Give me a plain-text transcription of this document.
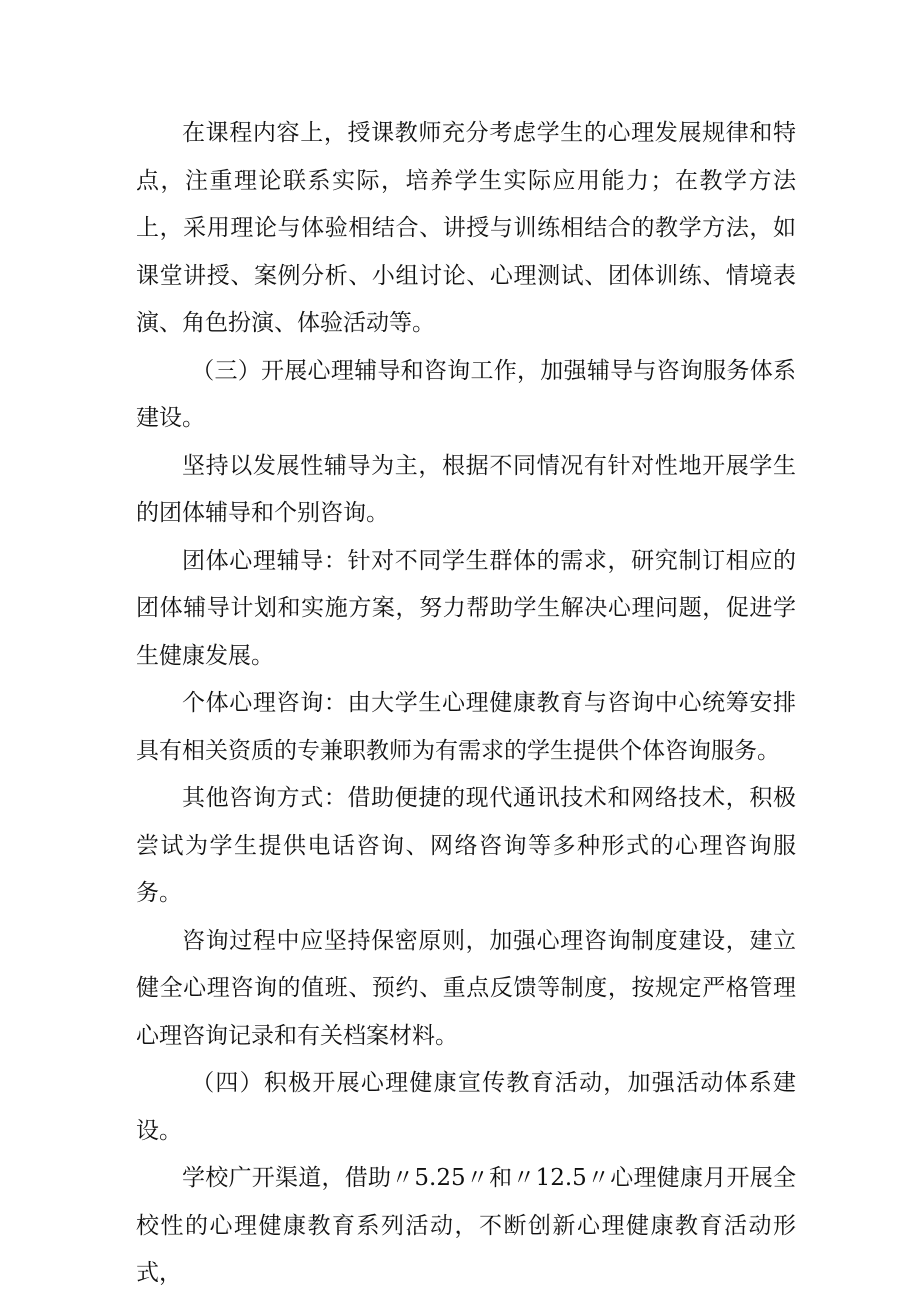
在课程内容上，授课教师充分考虑学生的心理发展规律和特点，注重理论联系实际，培养学生实际应用能力；在教学方法上，采用理论与体验相结合、讲授与训练相结合的教学方法，如课堂讲授、案例分析、小组讨论、心理测试、团体训练、情境表演、角色扮演、体验活动等。

（三）开展心理辅导和咨询工作，加强辅导与咨询服务体系建设。

坚持以发展性辅导为主，根据不同情况有针对性地开展学生的团体辅导和个别咨询。

团体心理辅导：针对不同学生群体的需求，研究制订相应的团体辅导计划和实施方案，努力帮助学生解决心理问题，促进学生健康发展。

个体心理咨询：由大学生心理健康教育与咨询中心统筹安排具有相关资质的专兼职教师为有需求的学生提供个体咨询服务。

其他咨询方式：借助便捷的现代通讯技术和网络技术，积极尝试为学生提供电话咨询、网络咨询等多种形式的心理咨询服务。

咨询过程中应坚持保密原则，加强心理咨询制度建设，建立健全心理咨询的值班、预约、重点反馈等制度，按规定严格管理心理咨询记录和有关档案材料。

（四）积极开展心理健康宣传教育活动，加强活动体系建设。

学校广开渠道，借助〃5.25〃和〃12.5〃心理健康月开展全校性的心理健康教育系列活动，不断创新心理健康教育活动形式，
